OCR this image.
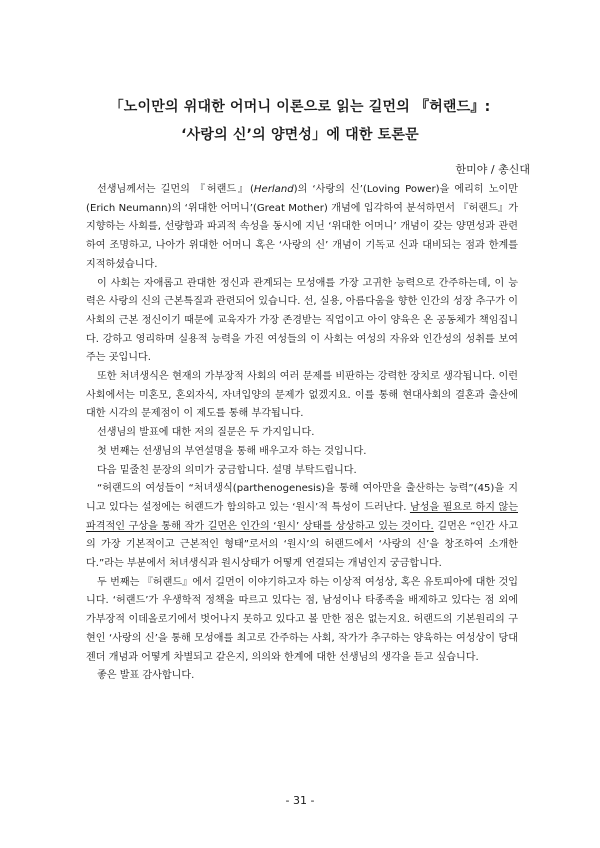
「노이만의 위대한 어머니 이론으로 읽는 길먼의 『허랜드』:
‘사랑의 신’의 양면성」에 대한 토론문
한미야 / 총신대

선생님께서는 길먼의 『허랜드』(Herland)의 ‘사랑의 신’(Loving Power)을 에리히 노이만 (Erich Neumann)의 ‘위대한 어머니’(Great Mother) 개념에 입각하여 분석하면서 『허랜드』가 지향하는 사회를, 선량함과 파괴적 속성을 동시에 지닌 ‘위대한 어머니’ 개념이 갖는 양면성과 관련하여 조명하고, 나아가 위대한 어머니 혹은 ‘사랑의 신’ 개념이 기독교 신과 대비되는 점과 한계를 지적하셨습니다.

이 사회는 자애롭고 관대한 정신과 관계되는 모성애를 가장 고귀한 능력으로 간주하는데, 이 능력은 사랑의 신의 근본특질과 관련되어 있습니다. 선, 실용, 아름다움을 향한 인간의 성장 추구가 이 사회의 근본 정신이기 때문에 교육자가 가장 존경받는 직업이고 아이 양육은 온 공동체가 책임집니다. 강하고 영리하며 실용적 능력을 가진 여성들의 이 사회는 여성의 자유와 인간성의 성취를 보여주는 곳입니다.

또한 처녀생식은 현재의 가부장적 사회의 여러 문제를 비판하는 강력한 장치로 생각됩니다. 이런 사회에서는 미혼모, 혼외자식, 자녀입양의 문제가 없겠지요. 이를 통해 현대사회의 결혼과 출산에 대한 시각의 문제점이 이 제도를 통해 부각됩니다.

선생님의 발표에 대한 저의 질문은 두 가지입니다.

첫 번째는 선생님의 부연설명을 통해 배우고자 하는 것입니다.

다음 밑줄친 문장의 의미가 궁금합니다. 설명 부탁드립니다.

“허랜드의 여성들이 “처녀생식(parthenogenesis)을 통해 여아만을 출산하는 능력”(45)을 지니고 있다는 설정에는 허랜드가 함의하고 있는 ‘원시’적 특성이 드러난다. 남성을 필요로 하지 않는 파격적인 구상을 통해 작가 길먼은 인간의 ‘원시’ 상태를 상상하고 있는 것이다. 길먼은 “인간 사고의 가장 기본적이고 근본적인 형태”로서의 ‘원시’의 허랜드에서 ‘사랑의 신’을 창조하여 소개한다.”라는 부분에서 처녀생식과 원시상태가 어떻게 연결되는 개념인지 궁금합니다.

두 번째는 『허랜드』에서 길먼이 이야기하고자 하는 이상적 여성상, 혹은 유토피아에 대한 것입니다. ‘허랜드’가 우생학적 정책을 따르고 있다는 점, 남성이나 타종족을 배제하고 있다는 점 외에 가부장적 이데올로기에서 벗어나지 못하고 있다고 볼 만한 점은 없는지요. 허랜드의 기본원리의 구현인 ‘사랑의 신’을 통해 모성애를 최고로 간주하는 사회, 작가가 추구하는 양육하는 여성상이 당대 젠더 개념과 어떻게 차별되고 같은지, 의의와 한계에 대한 선생님의 생각을 듣고 싶습니다.

좋은 발표 감사합니다.

- 31 -
